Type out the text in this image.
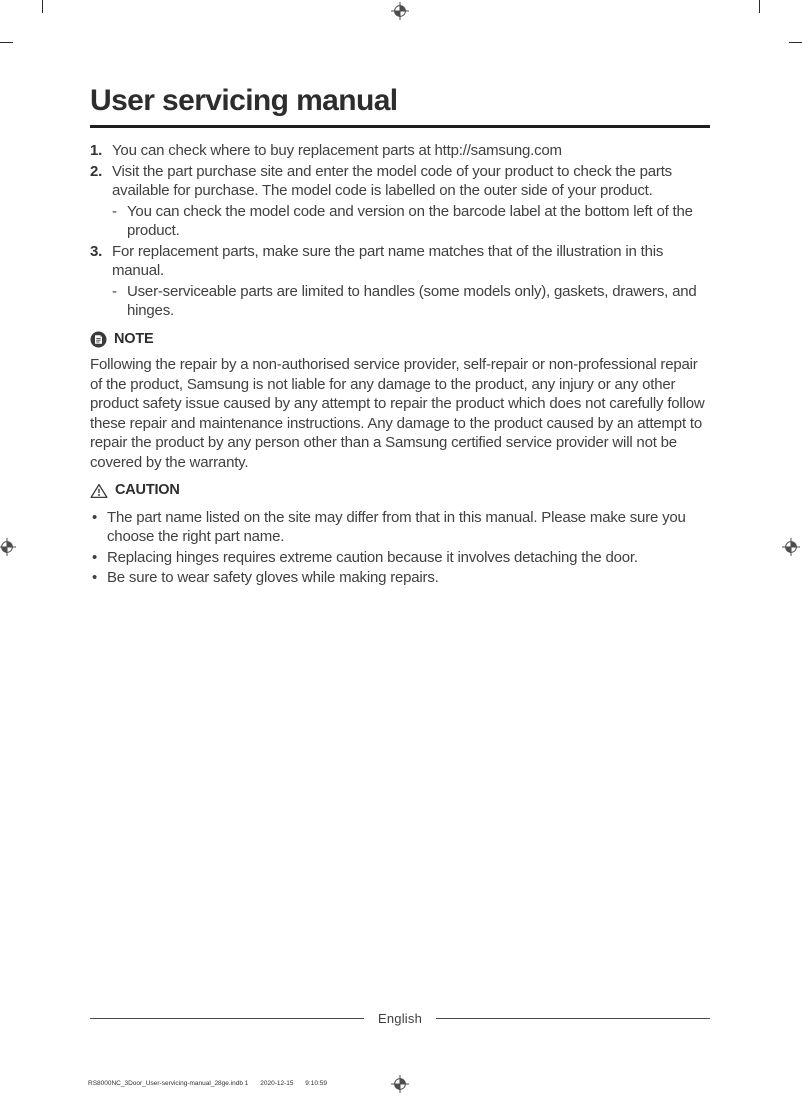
User servicing manual
1. You can check where to buy replacement parts at http://samsung.com
2. Visit the part purchase site and enter the model code of your product to check the parts available for purchase. The model code is labelled on the outer side of your product.
- You can check the model code and version on the barcode label at the bottom left of the product.
3. For replacement parts, make sure the part name matches that of the illustration in this manual.
- User-serviceable parts are limited to handles (some models only), gaskets, drawers, and hinges.
NOTE

Following the repair by a non-authorised service provider, self-repair or non-professional repair of the product, Samsung is not liable for any damage to the product, any injury or any other product safety issue caused by any attempt to repair the product which does not carefully follow these repair and maintenance instructions. Any damage to the product caused by an attempt to repair the product by any person other than a Samsung certified service provider will not be covered by the warranty.

CAUTION
• The part name listed on the site may differ from that in this manual. Please make sure you choose the right part name.
• Replacing hinges requires extreme caution because it involves detaching the door.
• Be sure to wear safety gloves while making repairs.
English
RS8000NC_3Door_User-servicing-manual_28ge.indb 1 2020-12-15 9:10:59
